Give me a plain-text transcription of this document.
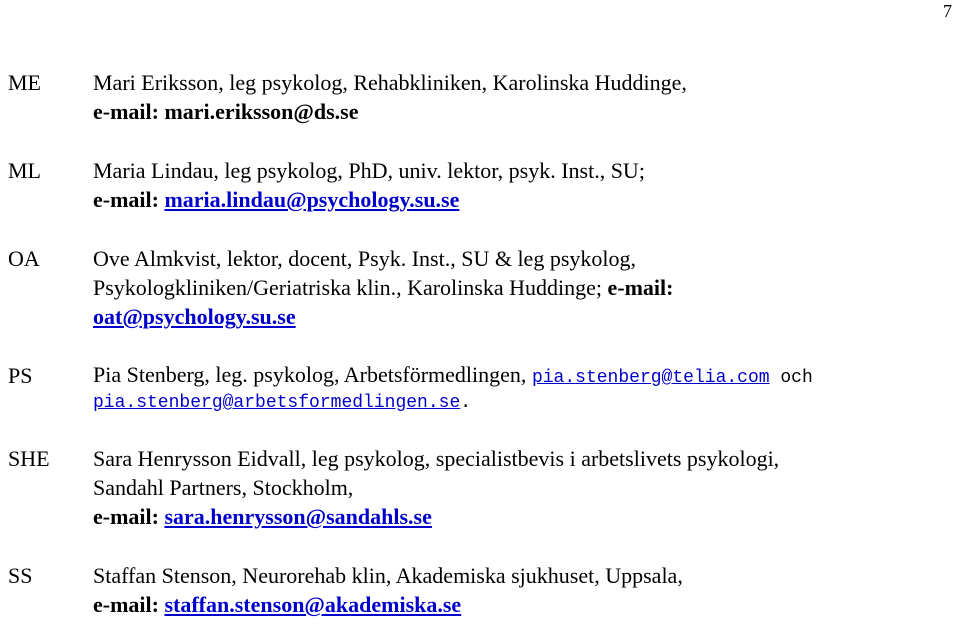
7
ME Mari Eriksson, leg psykolog, Rehabkliniken, Karolinska Huddinge,
e-mail: mari.eriksson@ds.se
ML Maria Lindau, leg psykolog, PhD, univ. lektor, psyk. Inst., SU;
e-mail: maria.lindau@psychology.su.se
OA Ove Almkvist, lektor, docent, Psyk. Inst., SU & leg psykolog,
Psykologkliniken/Geriatriska klin., Karolinska Huddinge; e-mail:
oat@psychology.su.se
PS	Pia Stenberg, leg. psykolog, Arbetsförmedlingen, pia.stenberg@telia.com och
pia.stenberg@arbetsformedlingen.se.
SHE Sara Henrysson Eidvall, leg psykolog, specialistbevis i arbetslivets psykologi,
Sandahl Partners, Stockholm,
e-mail: sara.henrysson@sandahls.se
SS	Staffan Stenson, Neurorehab klin, Akademiska sjukhuset, Uppsala,
e-mail: staffan.stenson@akademiska.se
